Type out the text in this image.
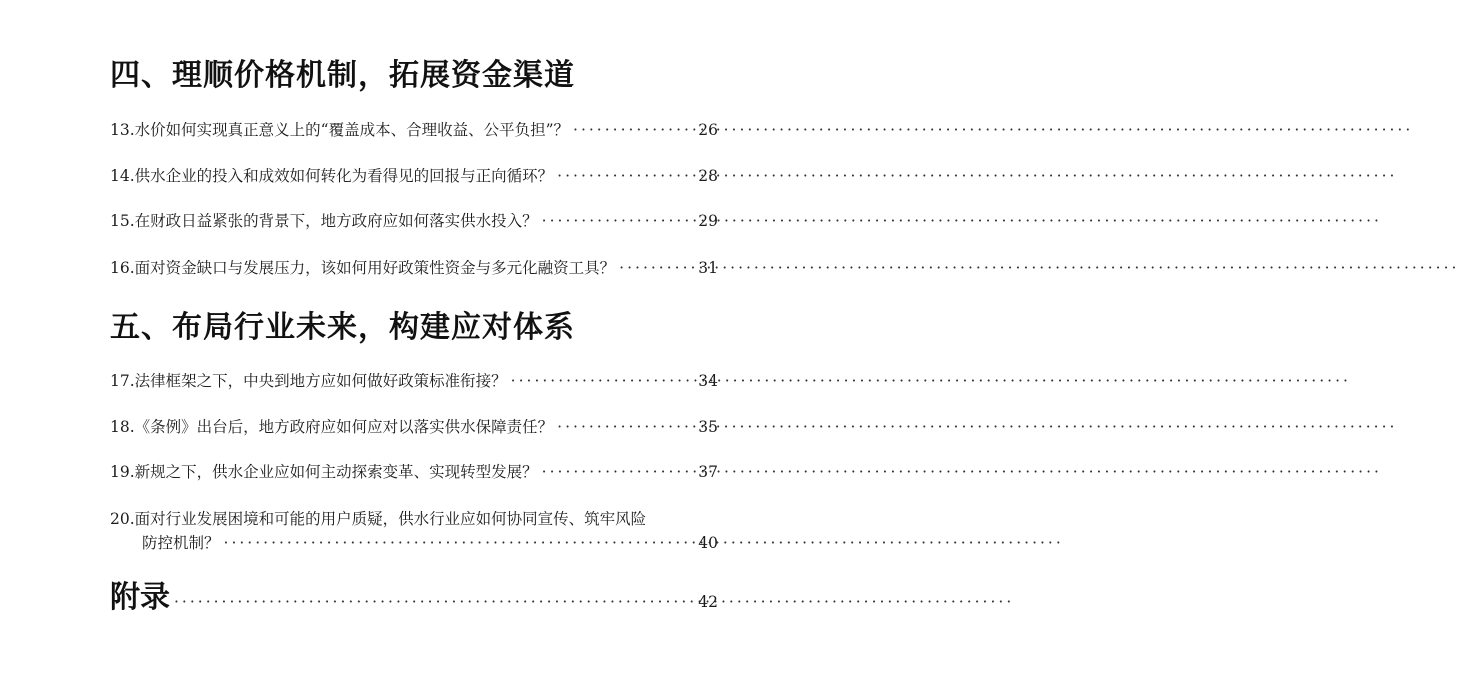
四、理顺价格机制，拓展资金渠道
13. 水价如何实现真正意义上的“覆盖成本、合理收益、公平负担”？ ·····	26
14. 供水企业的投入和成效如何转化为看得见的回报与正向循环？ ·····	28
15. 在财政日益紧张的背景下，地方政府应如何落实供水投入？ ·····	29
16. 面对资金缺口与发展压力，该如何用好政策性资金与多元化融资工具？ ·····	31
五、布局行业未来，构建应对体系
17. 法律框架之下，中央到地方应如何做好政策标准衔接？ ·····	34
18. 《条例》出台后，地方政府应如何应对以落实供水保障责任？ ·····	35
19. 新规之下，供水企业应如何主动探索变革、实现转型发展？ ·····	37
20.面对行业发展困境和可能的用户质疑，供水行业应如何协同宣传、筑牢风险
防控机制？ ·····	40
附录 ·····	42
